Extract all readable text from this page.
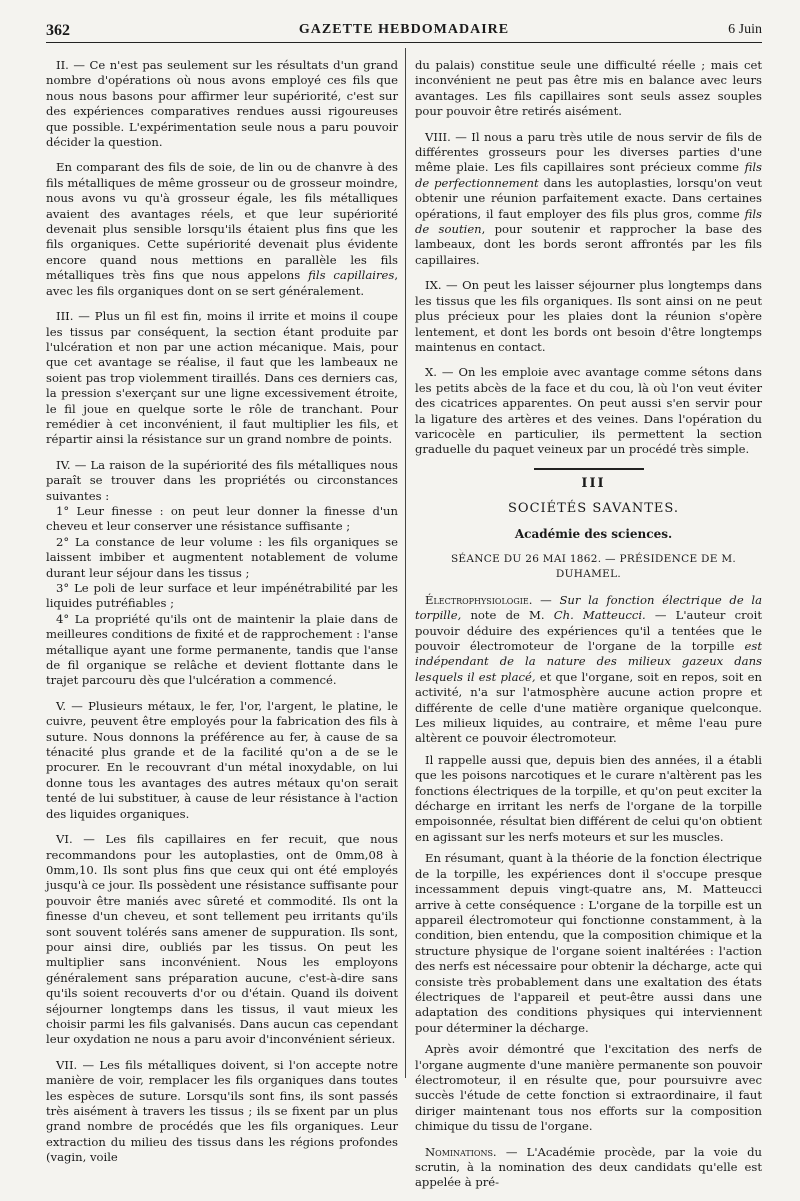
362	GAZETTE HEBDOMADAIRE	6 Juin

II. — Ce n'est pas seulement sur les résultats d'un grand nombre d'opérations où nous avons employé ces fils que nous nous basons pour affirmer leur supériorité, c'est sur des expériences comparatives rendues aussi rigoureuses que possible. L'expérimentation seule nous a paru pouvoir décider la question.

En comparant des fils de soie, de lin ou de chanvre à des fils métalliques de même grosseur ou de grosseur moindre, nous avons vu qu'à grosseur égale, les fils métalliques avaient des avantages réels, et que leur supériorité devenait plus sensible lorsqu'ils étaient plus fins que les fils organiques. Cette supériorité devenait plus évidente encore quand nous mettions en parallèle les fils métalliques très fins que nous appelons fils capillaires, avec les fils organiques dont on se sert généralement.

III. — Plus un fil est fin, moins il irrite et moins il coupe les tissus par conséquent, la section étant produite par l'ulcération et non par une action mécanique. Mais, pour que cet avantage se réalise, il faut que les lambeaux ne soient pas trop violemment tiraillés. Dans ces derniers cas, la pression s'exerçant sur une ligne excessivement étroite, le fil joue en quelque sorte le rôle de tranchant. Pour remédier à cet inconvénient, il faut multiplier les fils, et répartir ainsi la résistance sur un grand nombre de points.

IV. — La raison de la supériorité des fils métalliques nous paraît se trouver dans les propriétés ou circonstances suivantes :

1° Leur finesse : on peut leur donner la finesse d'un cheveu et leur conserver une résistance suffisante ;

2° La constance de leur volume : les fils organiques se laissent imbiber et augmentent notablement de volume durant leur séjour dans les tissus ;

3° Le poli de leur surface et leur impénétrabilité par les liquides putréfiables ;

4° La propriété qu'ils ont de maintenir la plaie dans de meilleures conditions de fixité et de rapprochement : l'anse métallique ayant une forme permanente, tandis que l'anse de fil organique se relâche et devient flottante dans le trajet parcouru dès que l'ulcération a commencé.

V. — Plusieurs métaux, le fer, l'or, l'argent, le platine, le cuivre, peuvent être employés pour la fabrication des fils à suture. Nous donnons la préférence au fer, à cause de sa ténacité plus grande et de la facilité qu'on a de se le procurer. En le recouvrant d'un métal inoxydable, on lui donne tous les avantages des autres métaux qu'on serait tenté de lui substituer, à cause de leur résistance à l'action des liquides organiques.

VI. — Les fils capillaires en fer recuit, que nous recommandons pour les autoplasties, ont de 0mm,08 à 0mm,10. Ils sont plus fins que ceux qui ont été employés jusqu'à ce jour. Ils possèdent une résistance suffisante pour pouvoir être maniés avec sûreté et commodité. Ils ont la finesse d'un cheveu, et sont tellement peu irritants qu'ils sont souvent tolérés sans amener de suppuration. Ils sont, pour ainsi dire, oubliés par les tissus. On peut les multiplier sans inconvénient. Nous les employons généralement sans préparation aucune, c'est-à-dire sans qu'ils soient recouverts d'or ou d'étain. Quand ils doivent séjourner longtemps dans les tissus, il vaut mieux les choisir parmi les fils galvanisés. Dans aucun cas cependant leur oxydation ne nous a paru avoir d'inconvénient sérieux.

VII. — Les fils métalliques doivent, si l'on accepte notre manière de voir, remplacer les fils organiques dans toutes les espèces de suture. Lorsqu'ils sont fins, ils sont passés très aisément à travers les tissus ; ils se fixent par un plus grand nombre de procédés que les fils organiques. Leur extraction du milieu des tissus dans les régions profondes (vagin, voile

du palais) constitue seule une difficulté réelle ; mais cet inconvénient ne peut pas être mis en balance avec leurs avantages. Les fils capillaires sont seuls assez souples pour pouvoir être retirés aisément.

VIII. — Il nous a paru très utile de nous servir de fils de différentes grosseurs pour les diverses parties d'une même plaie. Les fils capillaires sont précieux comme fils de perfectionnement dans les autoplasties, lorsqu'on veut obtenir une réunion parfaitement exacte. Dans certaines opérations, il faut employer des fils plus gros, comme fils de soutien, pour soutenir et rapprocher la base des lambeaux, dont les bords seront affrontés par les fils capillaires.

IX. — On peut les laisser séjourner plus longtemps dans les tissus que les fils organiques. Ils sont ainsi on ne peut plus précieux pour les plaies dont la réunion s'opère lentement, et dont les bords ont besoin d'être longtemps maintenus en contact.

X. — On les emploie avec avantage comme sétons dans les petits abcès de la face et du cou, là où l'on veut éviter des cicatrices apparentes. On peut aussi s'en servir pour la ligature des artères et des veines. Dans l'opération du varicocèle en particulier, ils permettent la section graduelle du paquet veineux par un procédé très simple.

III

SOCIÉTÉS SAVANTES.

Académie des sciences.

SÉANCE DU 26 MAI 1862. — PRÉSIDENCE DE M. DUHAMEL.

Électrophysiologie. — Sur la fonction électrique de la torpille, note de M. Ch. Matteucci. — L'auteur croit pouvoir déduire des expériences qu'il a tentées que le pouvoir électromoteur de l'organe de la torpille est indépendant de la nature des milieux gazeux dans lesquels il est placé, et que l'organe, soit en repos, soit en activité, n'a sur l'atmosphère aucune action propre et différente de celle d'une matière organique quelconque. Les milieux liquides, au contraire, et même l'eau pure altèrent ce pouvoir électromoteur.

Il rappelle aussi que, depuis bien des années, il a établi que les poisons narcotiques et le curare n'altèrent pas les fonctions électriques de la torpille, et qu'on peut exciter la décharge en irritant les nerfs de l'organe de la torpille empoisonnée, résultat bien différent de celui qu'on obtient en agissant sur les nerfs moteurs et sur les muscles.

En résumant, quant à la théorie de la fonction électrique de la torpille, les expériences dont il s'occupe presque incessamment depuis vingt-quatre ans, M. Matteucci arrive à cette conséquence : L'organe de la torpille est un appareil électromoteur qui fonctionne constamment, à la condition, bien entendu, que la composition chimique et la structure physique de l'organe soient inaltérées : l'action des nerfs est nécessaire pour obtenir la décharge, acte qui consiste très probablement dans une exaltation des états électriques de l'appareil et peut-être aussi dans une adaptation des conditions physiques qui interviennent pour déterminer la décharge.

Après avoir démontré que l'excitation des nerfs de l'organe augmente d'une manière permanente son pouvoir électromoteur, il en résulte que, pour poursuivre avec succès l'étude de cette fonction si extraordinaire, il faut diriger maintenant tous nos efforts sur la composition chimique du tissu de l'organe.

Nominations. — L'Académie procède, par la voie du scrutin, à la nomination des deux candidats qu'elle est appelée à pré-
